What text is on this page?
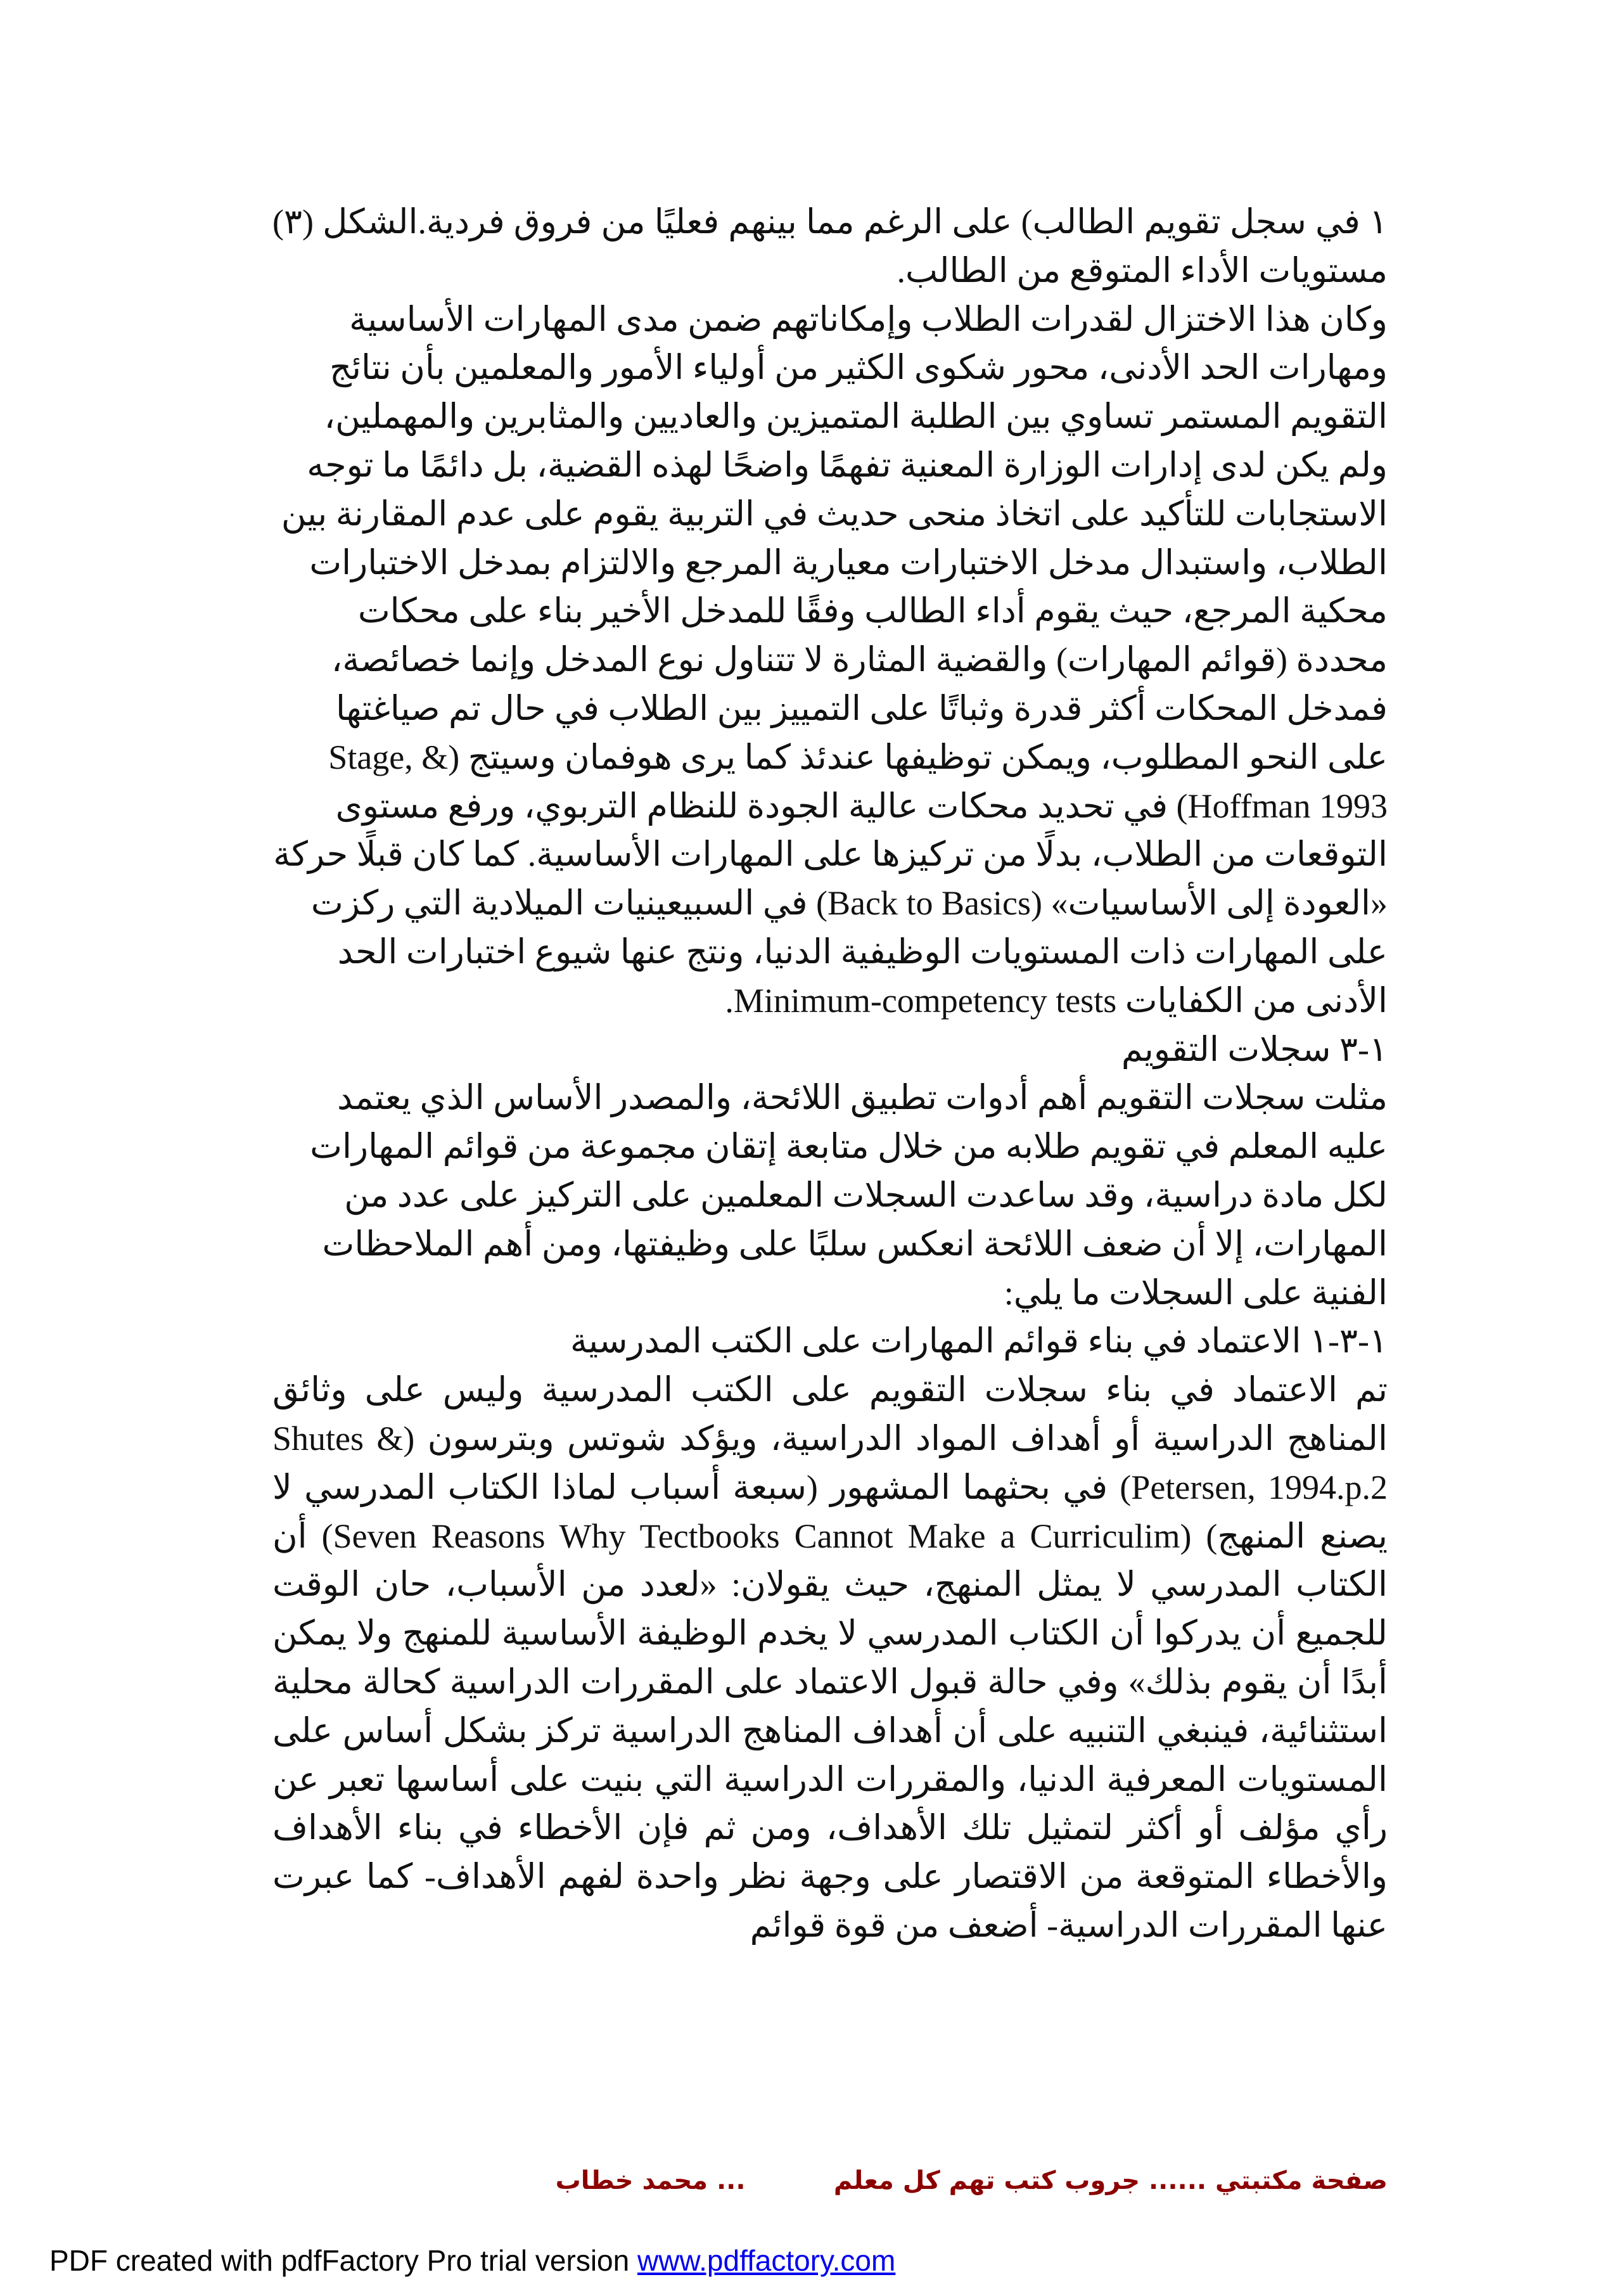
١ في سجل تقويم الطالب) على الرغم مما بينهم فعليًا من فروق فردية.الشكل (٣) مستويات الأداء المتوقع من الطالب.

وكان هذا الاختزال لقدرات الطلاب وإمكاناتهم ضمن مدى المهارات الأساسية ومهارات الحد الأدنى، محور شكوى الكثير من أولياء الأمور والمعلمين بأن نتائج التقويم المستمر تساوي بين الطلبة المتميزين والعاديين والمثابرين والمهملين، ولم يكن لدى إدارات الوزارة المعنية تفهمًا واضحًا لهذه القضية، بل دائمًا ما توجه الاستجابات للتأكيد على اتخاذ منحى حديث في التربية يقوم على عدم المقارنة بين الطلاب، واستبدال مدخل الاختبارات معيارية المرجع والالتزام بمدخل الاختبارات محكية المرجع، حيث يقوم أداء الطالب وفقًا للمدخل الأخير بناء على محكات محددة (قوائم المهارات) والقضية المثارة لا تتناول نوع المدخل وإنما خصائصة، فمدخل المحكات أكثر قدرة وثباتًا على التمييز بين الطلاب في حال تم صياغتها على النحو المطلوب، ويمكن توظيفها عندئذ كما يرى هوفمان وسيتج (Stage, & Hoffman 1993) في تحديد محكات عالية الجودة للنظام التربوي، ورفع مستوى التوقعات من الطلاب، بدلًا من تركيزها على المهارات الأساسية. كما كان قبلًا حركة «العودة إلى الأساسيات» (Back to Basics) في السبيعينيات الميلادية التي ركزت على المهارات ذات المستويات الوظيفية الدنيا، ونتج عنها شيوع اختبارات الحد الأدنى من الكفايات Minimum-competency tests.

١-٣ سجلات التقويم

مثلت سجلات التقويم أهم أدوات تطبيق اللائحة، والمصدر الأساس الذي يعتمد عليه المعلم في تقويم طلابه من خلال متابعة إتقان مجموعة من قوائم المهارات لكل مادة دراسية، وقد ساعدت السجلات المعلمين على التركيز على عدد من المهارات، إلا أن ضعف اللائحة انعكس سلبًا على وظيفتها، ومن أهم الملاحظات الفنية على السجلات ما يلي:

١-٣-١ الاعتماد في بناء قوائم المهارات على الكتب المدرسية

تم الاعتماد في بناء سجلات التقويم على الكتب المدرسية وليس على وثائق المناهج الدراسية أو أهداف المواد الدراسية، ويؤكد شوتس وبترسون (Shutes & Petersen, 1994.p.2) في بحثهما المشهور (سبعة أسباب لماذا الكتاب المدرسي لا يصنع المنهج) (Seven Reasons Why Tectbooks Cannot Make a Curriculim) أن الكتاب المدرسي لا يمثل المنهج، حيث يقولان: «لعدد من الأسباب، حان الوقت للجميع أن يدركوا أن الكتاب المدرسي لا يخدم الوظيفة الأساسية للمنهج ولا يمكن أبدًا أن يقوم بذلك» وفي حالة قبول الاعتماد على المقررات الدراسية كحالة محلية استثنائية، فينبغي التنبيه على أن أهداف المناهج الدراسية تركز بشكل أساس على المستويات المعرفية الدنيا، والمقررات الدراسية التي بنيت على أساسها تعبر عن رأي مؤلف أو أكثر لتمثيل تلك الأهداف، ومن ثم فإن الأخطاء في بناء الأهداف والأخطاء المتوقعة من الاقتصار على وجهة نظر واحدة لفهم الأهداف- كما عبرت عنها المقررات الدراسية- أضعف من قوة قوائم

صفحة مكتبتي ...... جروب كتب تهم كل معلم          ... محمد خطاب
PDF created with pdfFactory Pro trial version www.pdffactory.com
